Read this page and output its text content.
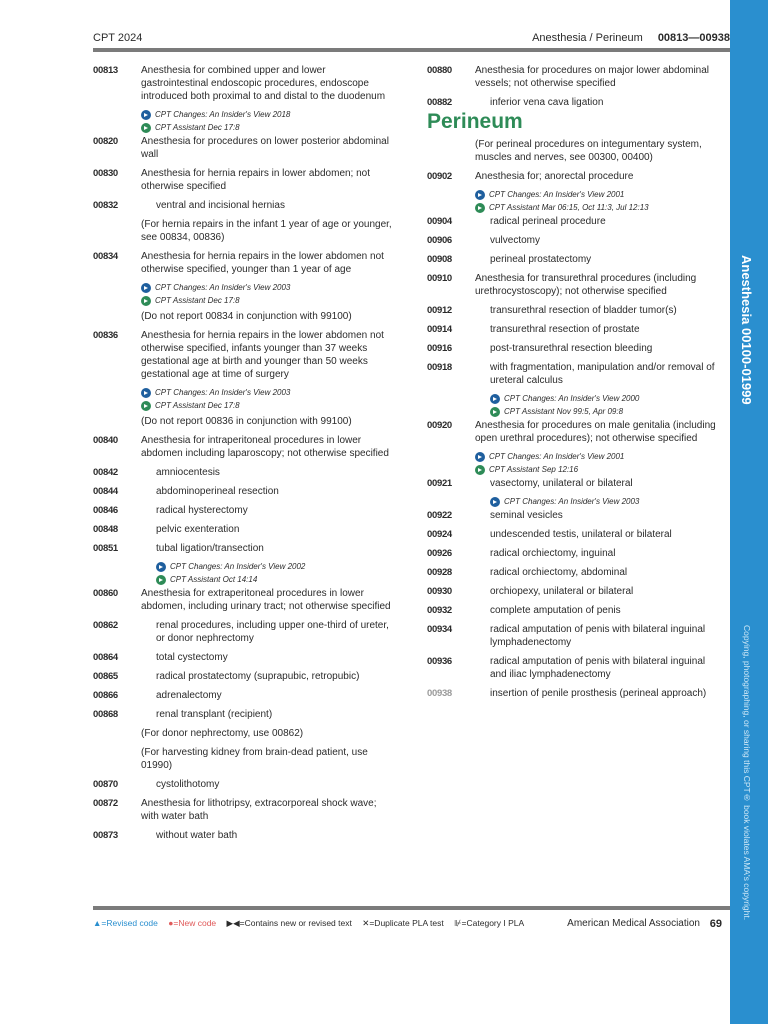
CPT 2024	Anesthesia / Perineum 00813—00938
00813	Anesthesia for combined upper and lower gastrointestinal endoscopic procedures, endoscope introduced both proximal to and distal to the duodenum
CPT Changes: An Insider's View 2018
CPT Assistant Dec 17:8
00820	Anesthesia for procedures on lower posterior abdominal wall
00830	Anesthesia for hernia repairs in lower abdomen; not otherwise specified
00832	ventral and incisional hernias
(For hernia repairs in the infant 1 year of age or younger, see 00834, 00836)
00834	Anesthesia for hernia repairs in the lower abdomen not otherwise specified, younger than 1 year of age
CPT Changes: An Insider's View 2003
CPT Assistant Dec 17:8
(Do not report 00834 in conjunction with 99100)
00836	Anesthesia for hernia repairs in the lower abdomen not otherwise specified, infants younger than 37 weeks gestational age at birth and younger than 50 weeks gestational age at time of surgery
CPT Changes: An Insider's View 2003
CPT Assistant Dec 17:8
(Do not report 00836 in conjunction with 99100)
00840	Anesthesia for intraperitoneal procedures in lower abdomen including laparoscopy; not otherwise specified
00842	amniocentesis
00844	abdominoperineal resection
00846	radical hysterectomy
00848	pelvic exenteration
00851	tubal ligation/transection
CPT Changes: An Insider's View 2002
CPT Assistant Oct 14:14
00860	Anesthesia for extraperitoneal procedures in lower abdomen, including urinary tract; not otherwise specified
00862	renal procedures, including upper one-third of ureter, or donor nephrectomy
00864	total cystectomy
00865	radical prostatectomy (suprapubic, retropubic)
00866	adrenalectomy
00868	renal transplant (recipient)
(For donor nephrectomy, use 00862)
(For harvesting kidney from brain-dead patient, use 01990)
00870	cystolithotomy
00872	Anesthesia for lithotripsy, extracorporeal shock wave; with water bath
00873	without water bath
00880	Anesthesia for procedures on major lower abdominal vessels; not otherwise specified
00882	inferior vena cava ligation
Perineum
(For perineal procedures on integumentary system, muscles and nerves, see 00300, 00400)
00902	Anesthesia for; anorectal procedure
CPT Changes: An Insider's View 2001
CPT Assistant Mar 06:15, Oct 11:3, Jul 12:13
00904	radical perineal procedure
00906	vulvectomy
00908	perineal prostatectomy
00910	Anesthesia for transurethral procedures (including urethrocystoscopy); not otherwise specified
00912	transurethral resection of bladder tumor(s)
00914	transurethral resection of prostate
00916	post-transurethral resection bleeding
00918	with fragmentation, manipulation and/or removal of ureteral calculus
CPT Changes: An Insider's View 2000
CPT Assistant Nov 99:5, Apr 09:8
00920	Anesthesia for procedures on male genitalia (including open urethral procedures); not otherwise specified
CPT Changes: An Insider's View 2001
CPT Assistant Sep 12:16
00921	vasectomy, unilateral or bilateral
CPT Changes: An Insider's View 2003
00922	seminal vesicles
00924	undescended testis, unilateral or bilateral
00926	radical orchiectomy, inguinal
00928	radical orchiectomy, abdominal
00930	orchiopexy, unilateral or bilateral
00932	complete amputation of penis
00934	radical amputation of penis with bilateral inguinal lymphadenectomy
00936	radical amputation of penis with bilateral inguinal and iliac lymphadenectomy
00938	insertion of penile prosthesis (perineal approach)
Anesthesia 00100-01999
Copying, photographing, or sharing this CPT® book violates AMA's copyright.
▲=Revised code ●=New code ▶◀=Contains new or revised text ✕=Duplicate PLA test ⊮=Category I PLA	American Medical Association 69
